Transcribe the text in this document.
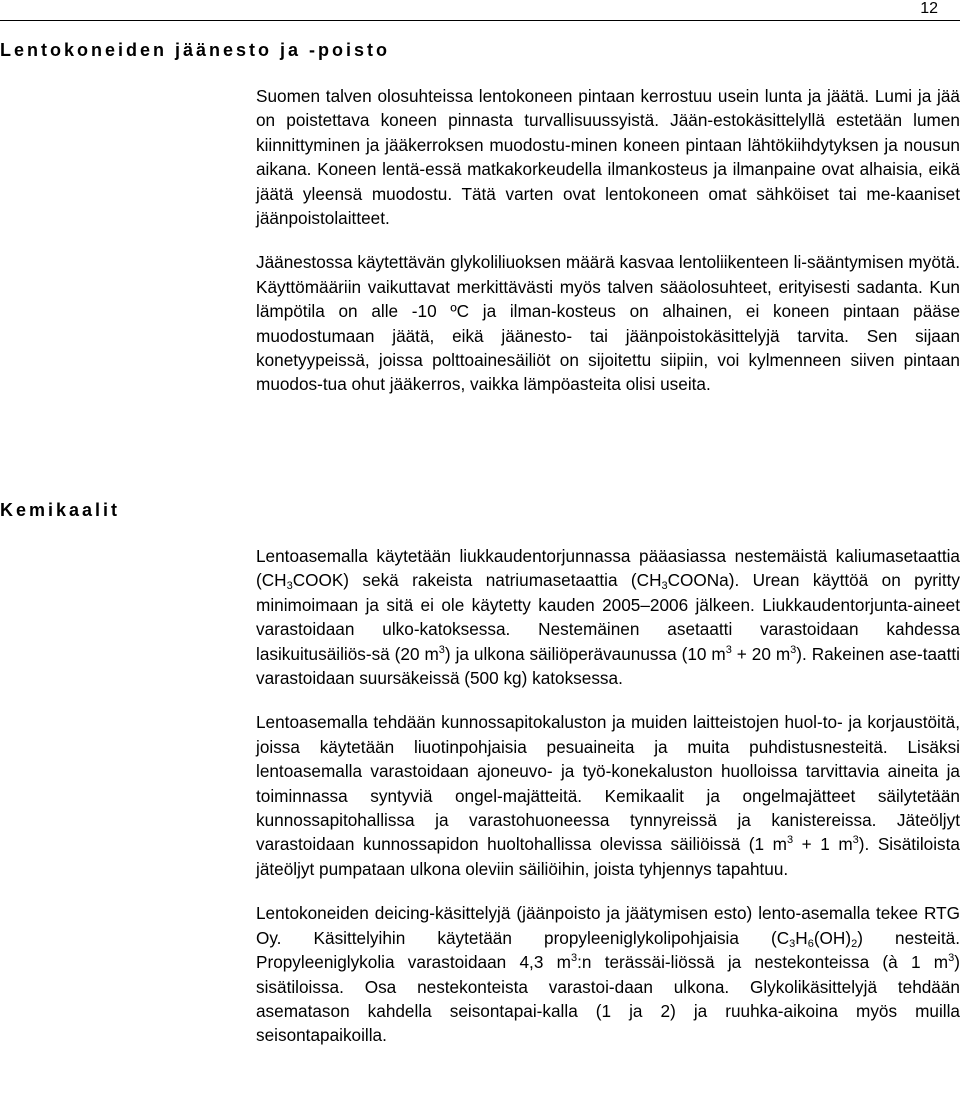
12
Lentokoneiden jäänesto ja -poisto

Suomen talven olosuhteissa lentokoneen pintaan kerrostuu usein lunta ja jäätä. Lumi ja jää on poistettava koneen pinnasta turvallisuussyistä. Jään-estokäsittelyllä estetään lumen kiinnittyminen ja jääkerroksen muodostu-minen koneen pintaan lähtökiihdytyksen ja nousun aikana. Koneen lentä-essä matkakorkeudella ilmankosteus ja ilmanpaine ovat alhaisia, eikä jäätä yleensä muodostu. Tätä varten ovat lentokoneen omat sähköiset tai me-kaaniset jäänpoistolaitteet.

Jäänestossa käytettävän glykoliliuoksen määrä kasvaa lentoliikenteen li-sääntymisen myötä. Käyttömääriin vaikuttavat merkittävästi myös talven sääolosuhteet, erityisesti sadanta. Kun lämpötila on alle -10 ºC ja ilman-kosteus on alhainen, ei koneen pintaan pääse muodostumaan jäätä, eikä jäänesto- tai jäänpoistokäsittelyjä tarvita. Sen sijaan konetyypeissä, joissa polttoainesäiliöt on sijoitettu siipiin, voi kylmenneen siiven pintaan muodos-tua ohut jääkerros, vaikka lämpöasteita olisi useita.

Kemikaalit

Lentoasemalla käytetään liukkaudentorjunnassa pääasiassa nestemäistä kaliumasetaattia $(CH_3COOK)$ sekä rakeista natriumasetaattia $(CH_3COONa)$. Urean käyttöä on pyritty minimoimaan ja sitä ei ole käytetty kauden 2005–2006 jälkeen. Liukkaudentorjunta-aineet varastoidaan ulko-katoksessa. Nestemäinen asetaatti varastoidaan kahdessa lasikuitusäiliös-sä (20 $m^3$) ja ulkona säiliöperävaunussa (10 $m^3 + 20$ $m^3$). Rakeinen ase-taatti varastoidaan suursäkeissä (500 kg) katoksessa.

Lentoasemalla tehdään kunnossapitokaluston ja muiden laitteistojen huol-to- ja korjaustöitä, joissa käytetään liuotinpohjaisia pesuaineita ja muita puhdistusnesteitä. Lisäksi lentoasemalla varastoidaan ajoneuvo- ja työ-konekaluston huolloissa tarvittavia aineita ja toiminnassa syntyviä ongel-majätteitä. Kemikaalit ja ongelmajätteet säilytetään kunnossapitohallissa ja varastohuoneessa tynnyreissä ja kanistereissa. Jäteöljyt varastoidaan kunnossapidon huoltohallissa olevissa säiliöissä (1 $m^3 + 1$ $m^3$). Sisätiloista jäteöljyt pumpataan ulkona oleviin säiliöihin, joista tyhjennys tapahtuu.

Lentokoneiden deicing-käsittelyjä (jäänpoisto ja jäätymisen esto) lento-asemalla tekee RTG Oy. Käsittelyihin käytetään propyleeniglykolipohjaisia $(C_3H_6(OH)_2)$ nesteitä. Propyleeniglykolia varastoidaan 4,3 $m^3:n$ terässäi-liössä ja nestekonteissa (à 1 $m^3$) sisätiloissa. Osa nestekonteista varastoi-daan ulkona. Glykolikäsittelyjä tehdään asematason kahdella seisontapai-kalla (1 ja 2) ja ruuhka-aikoina myös muilla seisontapaikoilla.
